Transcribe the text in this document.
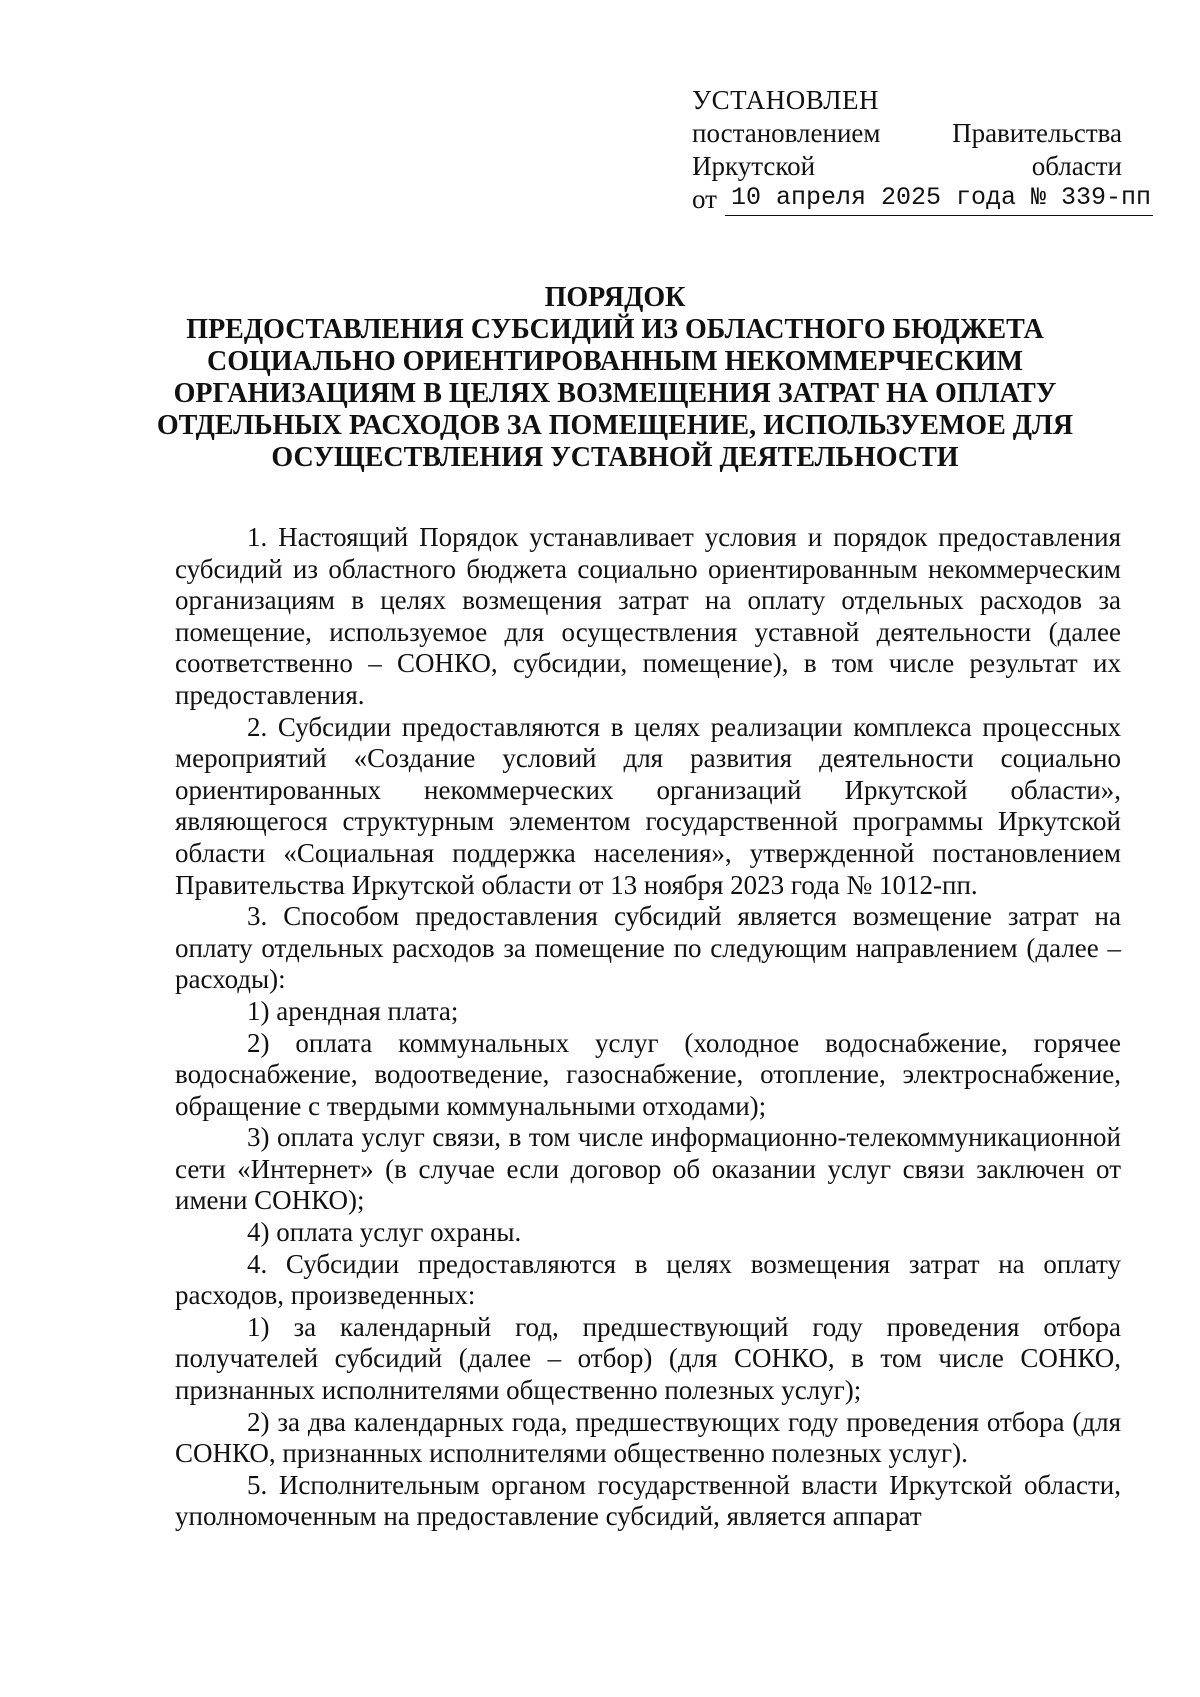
УСТАНОВЛЕН
постановлением	Правительства
Иркутской	области
от 10 апреля 2025 года № 339-пп
ПОРЯДОК
ПРЕДОСТАВЛЕНИЯ СУБСИДИЙ ИЗ ОБЛАСТНОГО БЮДЖЕТА
СОЦИАЛЬНО ОРИЕНТИРОВАННЫМ НЕКОММЕРЧЕСКИМ
ОРГАНИЗАЦИЯМ В ЦЕЛЯХ ВОЗМЕЩЕНИЯ ЗАТРАТ НА ОПЛАТУ
ОТДЕЛЬНЫХ РАСХОДОВ ЗА ПОМЕЩЕНИЕ, ИСПОЛЬЗУЕМОЕ ДЛЯ
ОСУЩЕСТВЛЕНИЯ УСТАВНОЙ ДЕЯТЕЛЬНОСТИ

1. Настоящий Порядок устанавливает условия и порядок предоставления субсидий из областного бюджета социально ориентированным некоммерческим организациям в целях возмещения затрат на оплату отдельных расходов за помещение, используемое для осуществления уставной деятельности (далее соответственно – СОНКО, субсидии, помещение), в том числе результат их предоставления.

2. Субсидии предоставляются в целях реализации комплекса процессных мероприятий «Создание условий для развития деятельности социально ориентированных некоммерческих организаций Иркутской области», являющегося структурным элементом государственной программы Иркутской области «Социальная поддержка населения», утвержденной постановлением Правительства Иркутской области от 13 ноября 2023 года № 1012-пп.

3. Способом предоставления субсидий является возмещение затрат на оплату отдельных расходов за помещение по следующим направлением (далее – расходы):

1) арендная плата;

2) оплата коммунальных услуг (холодное водоснабжение, горячее водоснабжение, водоотведение, газоснабжение, отопление, электроснабжение, обращение с твердыми коммунальными отходами);

3) оплата услуг связи, в том числе информационно-телекоммуникационной сети «Интернет» (в случае если договор об оказании услуг связи заключен от имени СОНКО);

4) оплата услуг охраны.

4. Субсидии предоставляются в целях возмещения затрат на оплату расходов, произведенных:

1) за календарный год, предшествующий году проведения отбора получателей субсидий (далее – отбор) (для СОНКО, в том числе СОНКО, признанных исполнителями общественно полезных услуг);

2) за два календарных года, предшествующих году проведения отбора (для СОНКО, признанных исполнителями общественно полезных услуг).

5. Исполнительным органом государственной власти Иркутской области, уполномоченным на предоставление субсидий, является аппарат
